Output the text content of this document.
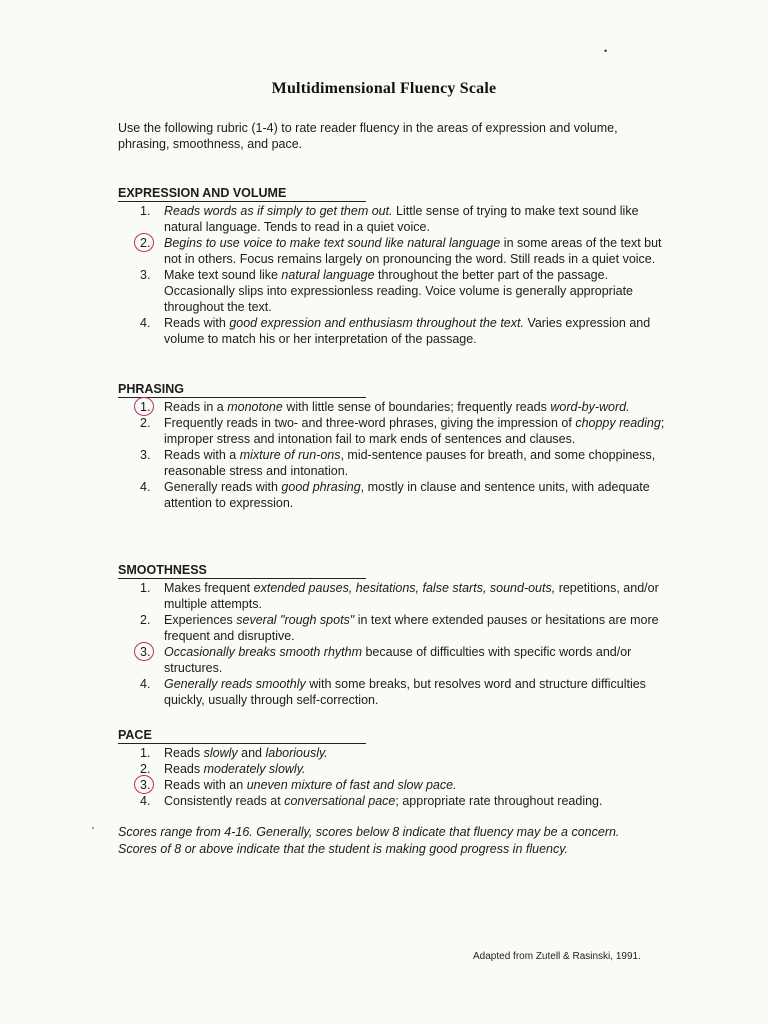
•
Multidimensional Fluency Scale
Use the following rubric (1-4) to rate reader fluency in the areas of expression and volume, phrasing, smoothness, and pace.
EXPRESSION AND VOLUME
1. Reads words as if simply to get them out. Little sense of trying to make text sound like natural language. Tends to read in a quiet voice.
2. Begins to use voice to make text sound like natural language in some areas of the text but not in others. Focus remains largely on pronouncing the word. Still reads in a quiet voice.
3. Make text sound like natural language throughout the better part of the passage. Occasionally slips into expressionless reading. Voice volume is generally appropriate throughout the text.
4. Reads with good expression and enthusiasm throughout the text. Varies expression and volume to match his or her interpretation of the passage.
PHRASING
1. Reads in a monotone with little sense of boundaries; frequently reads word-by-word.
2. Frequently reads in two- and three-word phrases, giving the impression of choppy reading; improper stress and intonation fail to mark ends of sentences and clauses.
3. Reads with a mixture of run-ons, mid-sentence pauses for breath, and some choppiness, reasonable stress and intonation.
4. Generally reads with good phrasing, mostly in clause and sentence units, with adequate attention to expression.
SMOOTHNESS
1. Makes frequent extended pauses, hesitations, false starts, sound-outs, repetitions, and/or multiple attempts.
2. Experiences several "rough spots" in text where extended pauses or hesitations are more frequent and disruptive.
3. Occasionally breaks smooth rhythm because of difficulties with specific words and/or structures.
4. Generally reads smoothly with some breaks, but resolves word and structure difficulties quickly, usually through self-correction.
PACE
1. Reads slowly and laboriously.
2. Reads moderately slowly.
3. Reads with an uneven mixture of fast and slow pace.
4. Consistently reads at conversational pace; appropriate rate throughout reading.
' Scores range from 4-16. Generally, scores below 8 indicate that fluency may be a concern. Scores of 8 or above indicate that the student is making good progress in fluency.
Adapted from Zutell & Rasinski, 1991.
